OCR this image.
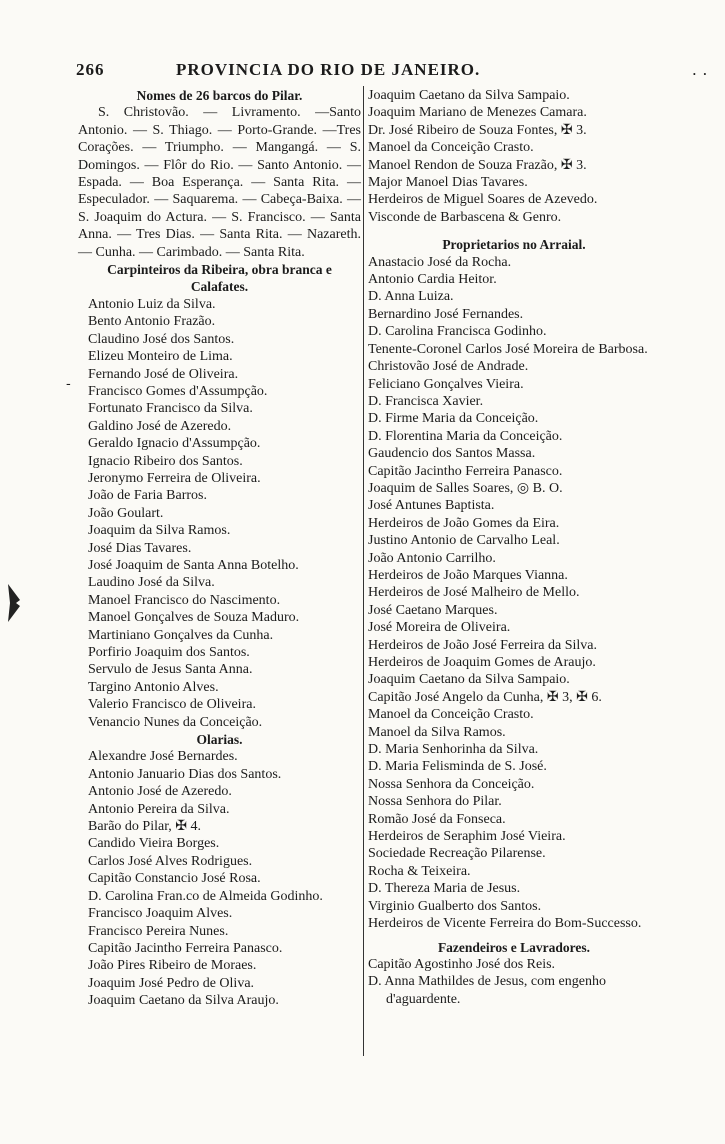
266	PROVINCIA DO RIO DE JANEIRO.	. .
-
Nomes de 26 barcos do Pilar.
S. Christovão. — Livramento. —Santo Antonio. — S. Thiago. — Porto-Grande. —Tres Corações. — Triumpho. — Mangangá. — S. Domingos. — Flôr do Rio. — Santo Antonio. — Espada. — Boa Esperança. — Santa Rita. — Especulador. — Saquarema. — Cabeça-Baixa. — S. Joaquim do Actura. — S. Francisco. — Santa Anna. — Tres Dias. — Santa Rita. — Nazareth. — Cunha. — Carimbado. — Santa Rita.
Carpinteiros da Ribeira, obra branca e Calafates.
Antonio Luiz da Silva.
Bento Antonio Frazão.
Claudino José dos Santos.
Elizeu Monteiro de Lima.
Fernando José de Oliveira.
Francisco Gomes d'Assumpção.
Fortunato Francisco da Silva.
Galdino José de Azeredo.
Geraldo Ignacio d'Assumpção.
Ignacio Ribeiro dos Santos.
Jeronymo Ferreira de Oliveira.
João de Faria Barros.
João Goulart.
Joaquim da Silva Ramos.
José Dias Tavares.
José Joaquim de Santa Anna Botelho.
Laudino José da Silva.
Manoel Francisco do Nascimento.
Manoel Gonçalves de Souza Maduro.
Martiniano Gonçalves da Cunha.
Porfirio Joaquim dos Santos.
Servulo de Jesus Santa Anna.
Targino Antonio Alves.
Valerio Francisco de Oliveira.
Venancio Nunes da Conceição.
Olarias.
Alexandre José Bernardes.
Antonio Januario Dias dos Santos.
Antonio José de Azeredo.
Antonio Pereira da Silva.
Barão do Pilar, ✠ 4.
Candido Vieira Borges.
Carlos José Alves Rodrigues.
Capitão Constancio José Rosa.
D. Carolina Fran.co de Almeida Godinho.
Francisco Joaquim Alves.
Francisco Pereira Nunes.
Capitão Jacintho Ferreira Panasco.
João Pires Ribeiro de Moraes.
Joaquim José Pedro de Oliva.
Joaquim Caetano da Silva Araujo.
Joaquim Caetano da Silva Sampaio.
Joaquim Mariano de Menezes Camara.
Dr. José Ribeiro de Souza Fontes, ✠ 3.
Manoel da Conceição Crasto.
Manoel Rendon de Souza Frazão, ✠ 3.
Major Manoel Dias Tavares.
Herdeiros de Miguel Soares de Azevedo.
Visconde de Barbascena & Genro.
Proprietarios no Arraial.
Anastacio José da Rocha.
Antonio Cardia Heitor.
D. Anna Luiza.
Bernardino José Fernandes.
D. Carolina Francisca Godinho.
Tenente-Coronel Carlos José Moreira de Barbosa.
Christovão José de Andrade.
Feliciano Gonçalves Vieira.
D. Francisca Xavier.
D. Firme Maria da Conceição.
D. Florentina Maria da Conceição.
Gaudencio dos Santos Massa.
Capitão Jacintho Ferreira Panasco.
Joaquim de Salles Soares, ◎ B. O.
José Antunes Baptista.
Herdeiros de João Gomes da Eira.
Justino Antonio de Carvalho Leal.
João Antonio Carrilho.
Herdeiros de João Marques Vianna.
Herdeiros de José Malheiro de Mello.
José Caetano Marques.
José Moreira de Oliveira.
Herdeiros de João José Ferreira da Silva.
Herdeiros de Joaquim Gomes de Araujo.
Joaquim Caetano da Silva Sampaio.
Capitão José Angelo da Cunha, ✠ 3, ✠ 6.
Manoel da Conceição Crasto.
Manoel da Silva Ramos.
D. Maria Senhorinha da Silva.
D. Maria Felisminda de S. José.
Nossa Senhora da Conceição.
Nossa Senhora do Pilar.
Romão José da Fonseca.
Herdeiros de Seraphim José Vieira.
Sociedade Recreação Pilarense.
Rocha & Teixeira.
D. Thereza Maria de Jesus.
Virginio Gualberto dos Santos.
Herdeiros de Vicente Ferreira do Bom-Successo.
Fazendeiros e Lavradores.
Capitão Agostinho José dos Reis.
D. Anna Mathildes de Jesus, com engenho d'aguardente.
